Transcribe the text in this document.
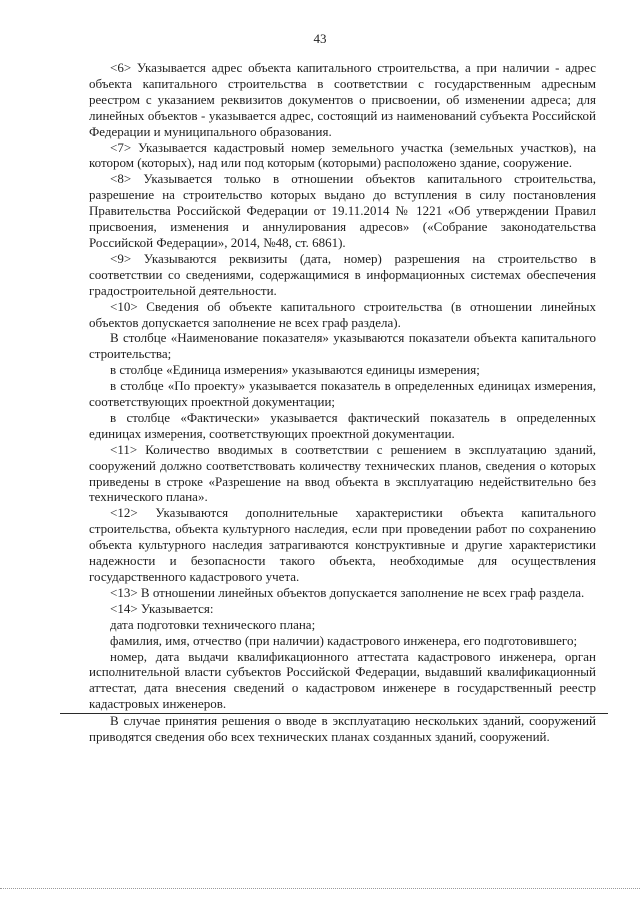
43

<6> Указывается адрес объекта капитального строительства, а при наличии - адрес объекта капитального строительства в соответствии с государственным адресным реестром с указанием реквизитов документов о присвоении, об изменении адреса; для линейных объектов - указывается адрес, состоящий из наименований субъекта Российской Федерации и муниципального образования.

<7> Указывается кадастровый номер земельного участка (земельных участков), на котором (которых), над или под которым (которыми) расположено здание, сооружение.

<8> Указывается только в отношении объектов капитального строительства, разрешение на строительство которых выдано до вступления в силу постановления Правительства Российской Федерации от 19.11.2014 № 1221 «Об утверждении Правил присвоения, изменения и аннулирования адресов» («Собрание законодательства Российской Федерации», 2014, №48, ст. 6861).

<9> Указываются реквизиты (дата, номер) разрешения на строительство в соответствии со сведениями, содержащимися в информационных системах обеспечения градостроительной деятельности.

<10> Сведения об объекте капитального строительства (в отношении линейных объектов допускается заполнение не всех граф раздела).

В столбце «Наименование показателя» указываются показатели объекта капитального строительства;

в столбце «Единица измерения» указываются единицы измерения;

в столбце «По проекту» указывается показатель в определенных единицах измерения, соответствующих проектной документации;

в столбце «Фактически» указывается фактический показатель в определенных единицах измерения, соответствующих проектной документации.

<11> Количество вводимых в соответствии с решением в эксплуатацию зданий, сооружений должно соответствовать количеству технических планов, сведения о которых приведены в строке «Разрешение на ввод объекта в эксплуатацию недействительно без технического плана».

<12> Указываются дополнительные характеристики объекта капитального строительства, объекта культурного наследия, если при проведении работ по сохранению объекта культурного наследия затрагиваются конструктивные и другие характеристики надежности и безопасности такого объекта, необходимые для осуществления государственного кадастрового учета.

<13> В отношении линейных объектов допускается заполнение не всех граф раздела.

<14> Указывается:

дата подготовки технического плана;

фамилия, имя, отчество (при наличии) кадастрового инженера, его подготовившего;

номер, дата выдачи квалификационного аттестата кадастрового инженера, орган исполнительной власти субъектов Российской Федерации, выдавший квалификационный аттестат, дата внесения сведений о кадастровом инженере в государственный реестр кадастровых инженеров.

В случае принятия решения о вводе в эксплуатацию нескольких зданий, сооружений приводятся сведения обо всех технических планах созданных зданий, сооружений.
